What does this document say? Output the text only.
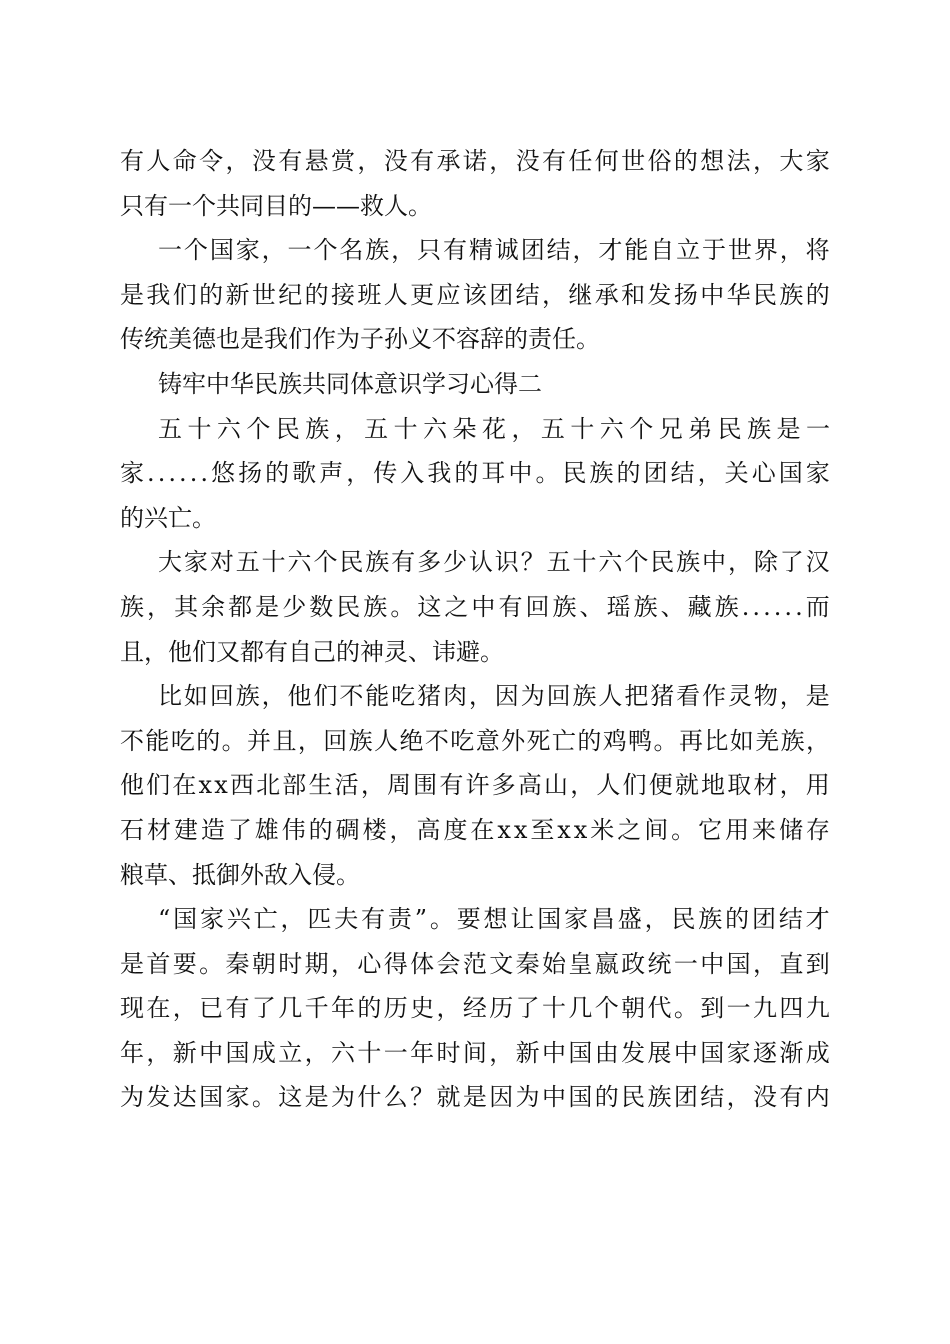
有 人 命 令 ， 没 有 悬 赏 ， 没 有 承 诺 ， 没 有 任 何 世 俗 的 想 法 ， 大 家
只有一个共同目的——救人。
一 个 国 家 ， 一 个 名 族 ， 只 有 精 诚 团 结 ， 才 能 自 立 于 世 界 ， 将
是 我 们 的 新 世 纪 的 接 班 人 更 应 该 团 结 ， 继 承 和 发 扬 中 华 民 族 的
传统美德也是我们作为子孙义不容辞的责任。
铸牢中华民族共同体意识学习心得二
五 十 六 个 民 族 ， 五 十 六 朵 花 ， 五 十 六 个 兄 弟 民 族 是 一
家 . . . . . . 悠 扬 的 歌 声 ， 传 入 我 的 耳 中 。 民 族 的 团 结 ， 关 心 国 家
的兴亡。
大 家 对 五 十 六 个 民 族 有 多 少 认 识 ？ 五 十 六 个 民 族 中 ， 除 了 汉
族 ， 其 余 都 是 少 数 民 族 。 这 之 中 有 回 族 、 瑶 族 、 藏 族 . . . . . . 而
且，他们又都有自己的神灵、讳避。
比 如 回 族 ， 他 们 不 能 吃 猪 肉 ， 因 为 回 族 人 把 猪 看 作 灵 物 ， 是
不 能 吃 的 。 并 且 ， 回 族 人 绝 不 吃 意 外 死 亡 的 鸡 鸭 。 再 比 如 羌 族 ，
他 们 在 x x 西 北 部 生 活 ， 周 围 有 许 多 高 山 ， 人 们 便 就 地 取 材 ， 用
石 材 建 造 了 雄 伟 的 碉 楼 ， 高 度 在 x x 至 x x 米 之 间 。 它 用 来 储 存
粮草、抵御外敌入侵。
“ 国 家 兴 亡 ， 匹 夫 有 责 ” 。 要 想 让 国 家 昌 盛 ， 民 族 的 团 结 才
是 首 要 。 秦 朝 时 期 ， 心 得 体 会 范 文 秦 始 皇 嬴 政 统 一 中 国 ， 直 到
现 在 ， 已 有 了 几 千 年 的 历 史 ， 经 历 了 十 几 个 朝 代 。 到 一 九 四 九
年 ， 新 中 国 成 立 ， 六 十 一 年 时 间 ， 新 中 国 由 发 展 中 国 家 逐 渐 成
为 发 达 国 家 。 这 是 为 什 么 ？ 就 是 因 为 中 国 的 民 族 团 结 ， 没 有 内
